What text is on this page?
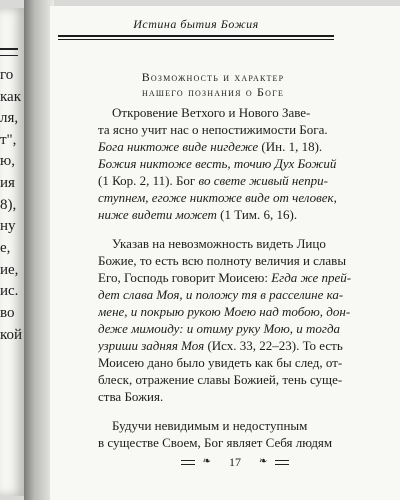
го
как
ля,
т",
ю,
ия
8),
ну
е,
ие,
ис.
во
кой
Истина бытия Божия
Возможность и характер
нашего познания о Боге
Откровение Ветхого и Нового Заве-
та ясно учит нас о непостижимости Бога.
Бога никтоже виде нигдеже (Ин. 1, 18).
Божия никтоже весть, точию Дух Божий
(1 Кор. 2, 11). Бог во свете живый непри-
ступнем, егоже никтоже виде от человек,
ниже видети может (1 Тим. 6, 16).
Указав на невозможность видеть Лицо
Божие, то есть всю полноту величия и славы
Его, Господь говорит Моисею: Егда же прей-
дет слава Моя, и положу тя в расселине ка-
мене, и покрыю рукою Моею над тобою, дон-
деже мимоиду: и отиму руку Мою, и тогда
узриши задняя Моя (Исх. 33, 22–23). То есть
Моисею дано было увидеть как бы след, от-
блеск, отражение славы Божией, тень суще-
ства Божия.
Будучи невидимым и недоступным
в существе Своем, Бог являет Себя людям
❧	17	❧
